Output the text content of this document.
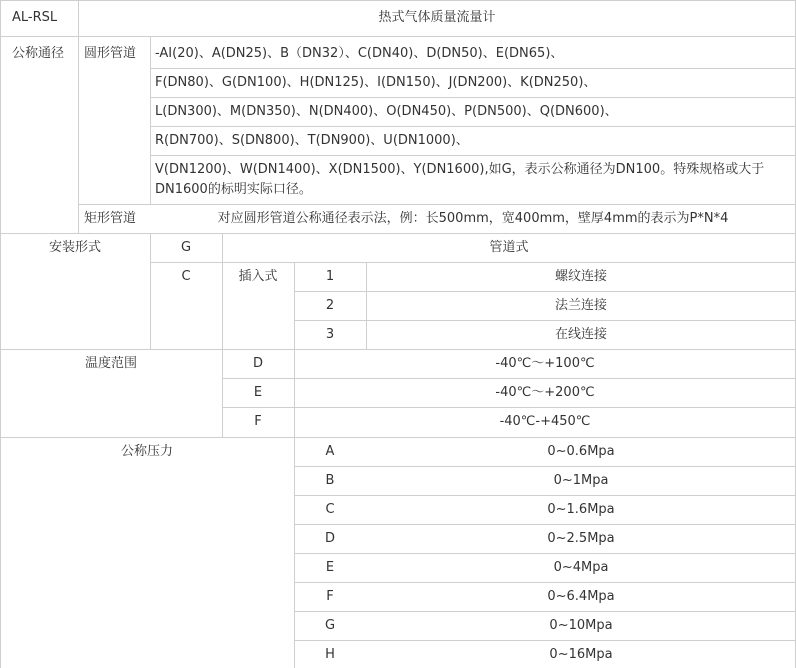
AL-RSL	热式气体质量流量计
公称通径 圆形管道 -AI(20)、A(DN25)、B（DN32）、C(DN40)、D(DN50)、E(DN65)、
F(DN80)、G(DN100)、H(DN125)、I(DN150)、J(DN200)、K(DN250)、
L(DN300)、M(DN350)、N(DN400)、O(DN450)、P(DN500)、Q(DN600)、
R(DN700)、S(DN800)、T(DN900)、U(DN1000)、
V(DN1200)、W(DN1400)、X(DN1500)、Y(DN1600),如G，表示公称通径为DN100。特殊规格或大于DN1600的标明实际口径。
矩形管道	对应圆形管道公称通径表示法，例：长500mm，宽400mm，壁厚4mm的表示为P*N*4
安装形式	G	管道式
C	插入式	1	螺纹连接
2	法兰连接
3	在线连接
温度范围	D	-40℃～+100℃
E	-40℃～+200℃
F	-40℃-+450℃
公称压力	A	0~0.6Mpa
B	0~1Mpa
C	0~1.6Mpa
D	0~2.5Mpa
E	0~4Mpa
F	0~6.4Mpa
G	0~10Mpa
H	0~16Mpa
